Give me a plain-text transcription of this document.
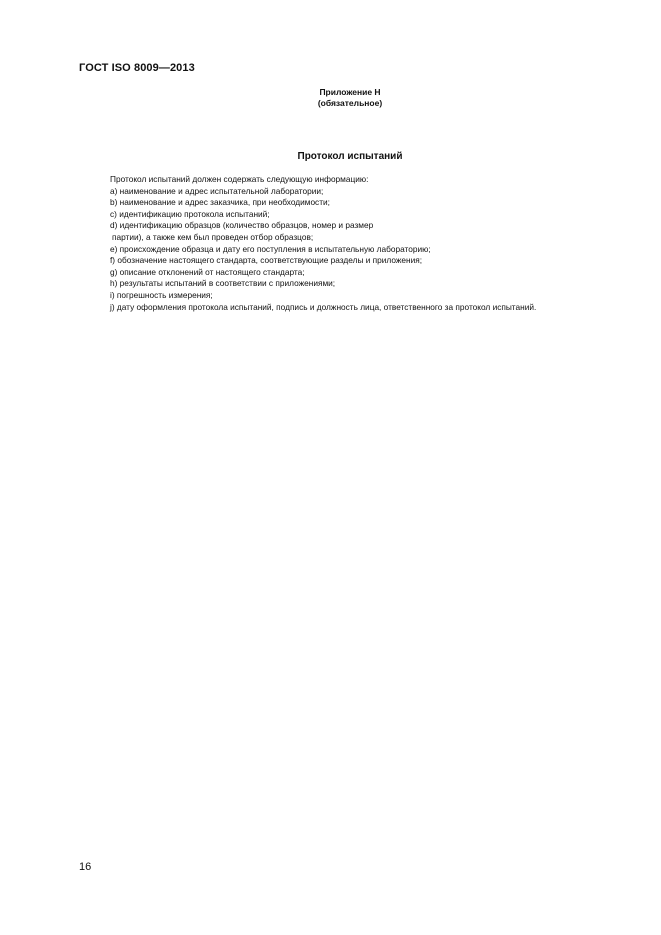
ГОСТ ISO 8009—2013
Приложение Н
(обязательное)
Протокол испытаний
Протокол испытаний должен содержать следующую информацию:
а) наименование и адрес испытательной лаборатории;
b) наименование и адрес заказчика, при необходимости;
c) идентификацию протокола испытаний;
d) идентификацию образцов (количество образцов, номер и размер
партии), а также кем был проведен отбор образцов;
е) происхождение образца и дату его поступления в испытательную лабораторию;
f) обозначение настоящего стандарта, соответствующие разделы и приложения;
g) описание отклонений от настоящего стандарта;
h) результаты испытаний в соответствии с приложениями;
i) погрешность измерения;
j) дату оформления протокола испытаний, подпись и должность лица, ответственного за протокол испытаний.
16
